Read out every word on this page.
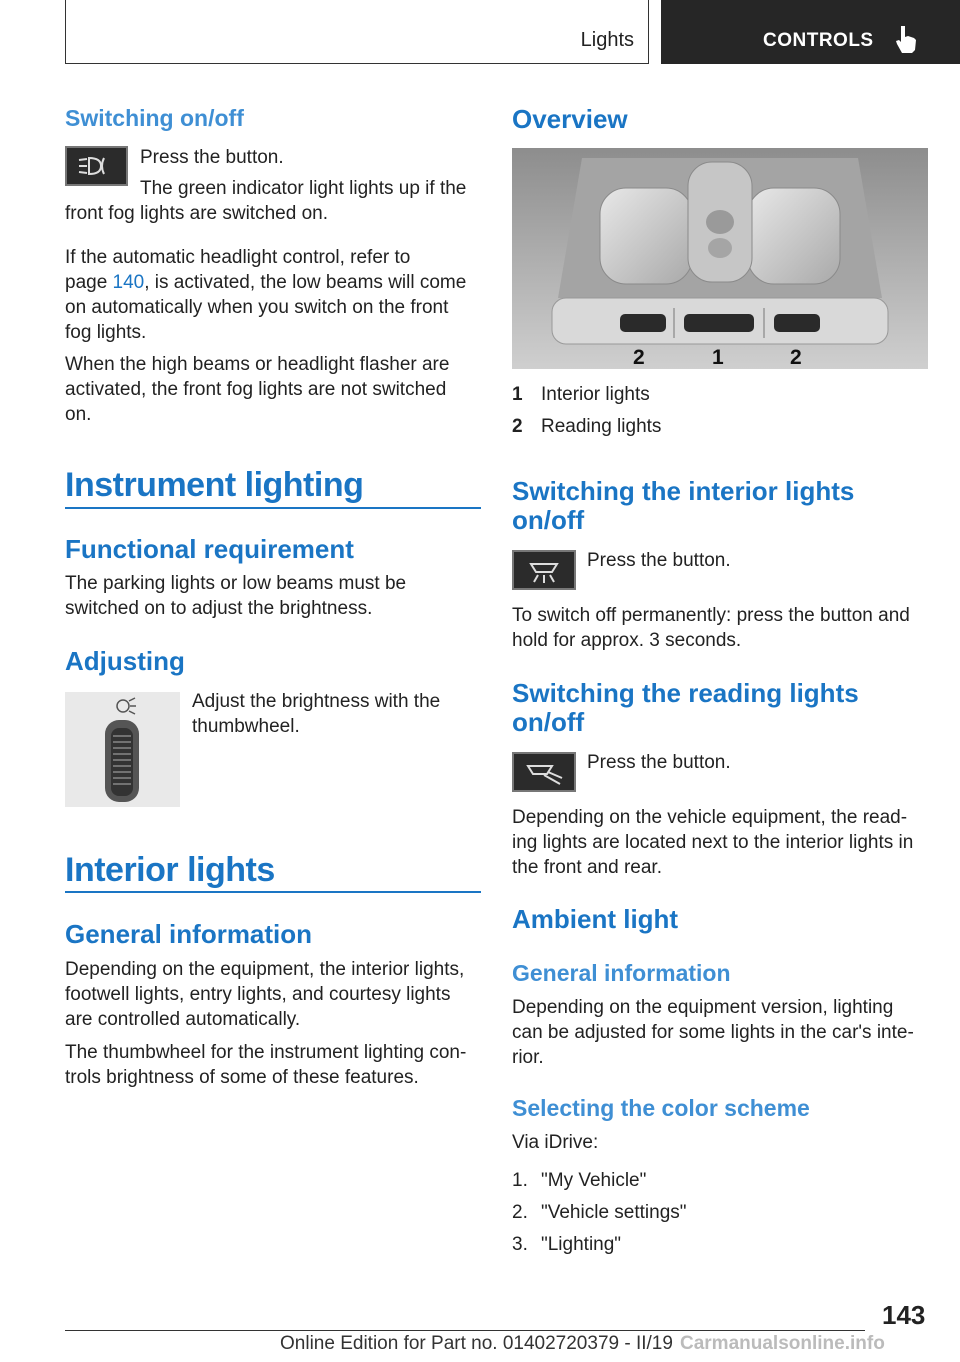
Lights	CONTROLS
Switching on/off

Press the button.

The green indicator light lights up if the

front fog lights are switched on.

If the automatic headlight control, refer to

page 140, is activated, the low beams will come

on automatically when you switch on the front

fog lights.

When the high beams or headlight flasher are

activated, the front fog lights are not switched

on.

Instrument lighting
Functional requirement

The parking lights or low beams must be

switched on to adjust the brightness.

Adjusting

Adjust the brightness with the

thumbwheel.

Interior lights
General information

Depending on the equipment, the interior lights,

footwell lights, entry lights, and courtesy lights

are controlled automatically.

The thumbwheel for the instrument lighting con‐

trols brightness of some of these features.

Overview
2	1	2
1 Interior lights
2 Reading lights
Switching the interior lights
on/off

Press the button.

To switch off permanently: press the button and

hold for approx. 3 seconds.

Switching the reading lights
on/off

Press the button.

Depending on the vehicle equipment, the read‐

ing lights are located next to the interior lights in

the front and rear.

Ambient light
General information

Depending on the equipment version, lighting

can be adjusted for some lights in the car's inte‐

rior.

Selecting the color scheme

Via iDrive:

1. "My Vehicle"
2. "Vehicle settings"
3. "Lighting"
143
Online Edition for Part no. 01402720379 - II/19 Carmanualsonline.info
